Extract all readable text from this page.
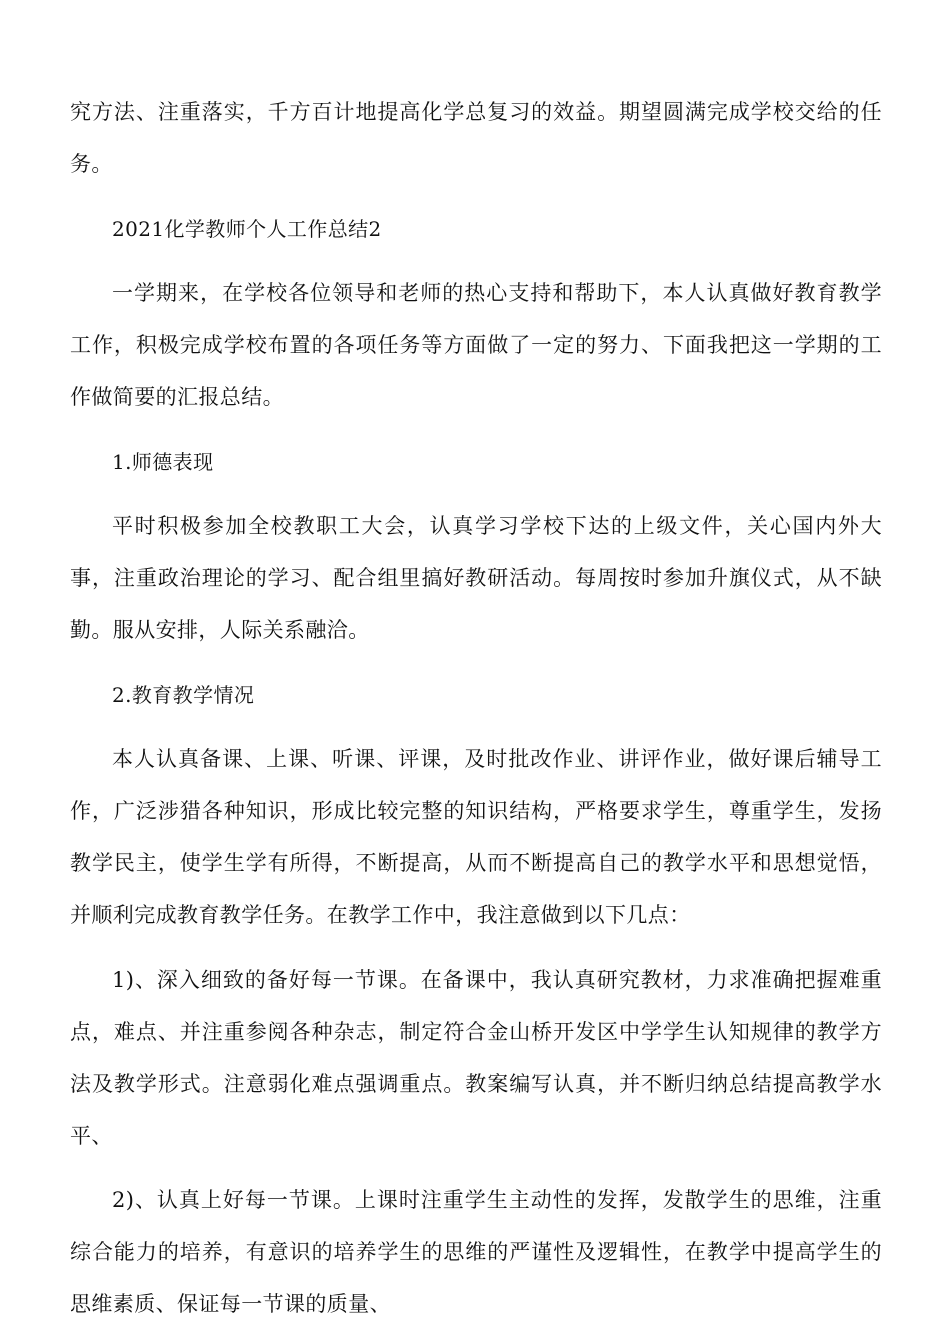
究方法、注重落实，千方百计地提高化学总复习的效益。期望圆满完成学校交给的任务。

2021化学教师个人工作总结2

一学期来，在学校各位领导和老师的热心支持和帮助下，本人认真做好教育教学工作，积极完成学校布置的各项任务等方面做了一定的努力、下面我把这一学期的工作做简要的汇报总结。

1.师德表现

平时积极参加全校教职工大会，认真学习学校下达的上级文件，关心国内外大事，注重政治理论的学习、配合组里搞好教研活动。每周按时参加升旗仪式，从不缺勤。服从安排，人际关系融洽。

2.教育教学情况

本人认真备课、上课、听课、评课，及时批改作业、讲评作业，做好课后辅导工作，广泛涉猎各种知识，形成比较完整的知识结构，严格要求学生，尊重学生，发扬教学民主，使学生学有所得，不断提高，从而不断提高自己的教学水平和思想觉悟，并顺利完成教育教学任务。在教学工作中，我注意做到以下几点：

1)、深入细致的备好每一节课。在备课中，我认真研究教材，力求准确把握难重点，难点、并注重参阅各种杂志，制定符合金山桥开发区中学学生认知规律的教学方法及教学形式。注意弱化难点强调重点。教案编写认真，并不断归纳总结提高教学水平、

2)、认真上好每一节课。上课时注重学生主动性的发挥，发散学生的思维，注重综合能力的培养，有意识的培养学生的思维的严谨性及逻辑性，在教学中提高学生的思维素质、保证每一节课的质量、
